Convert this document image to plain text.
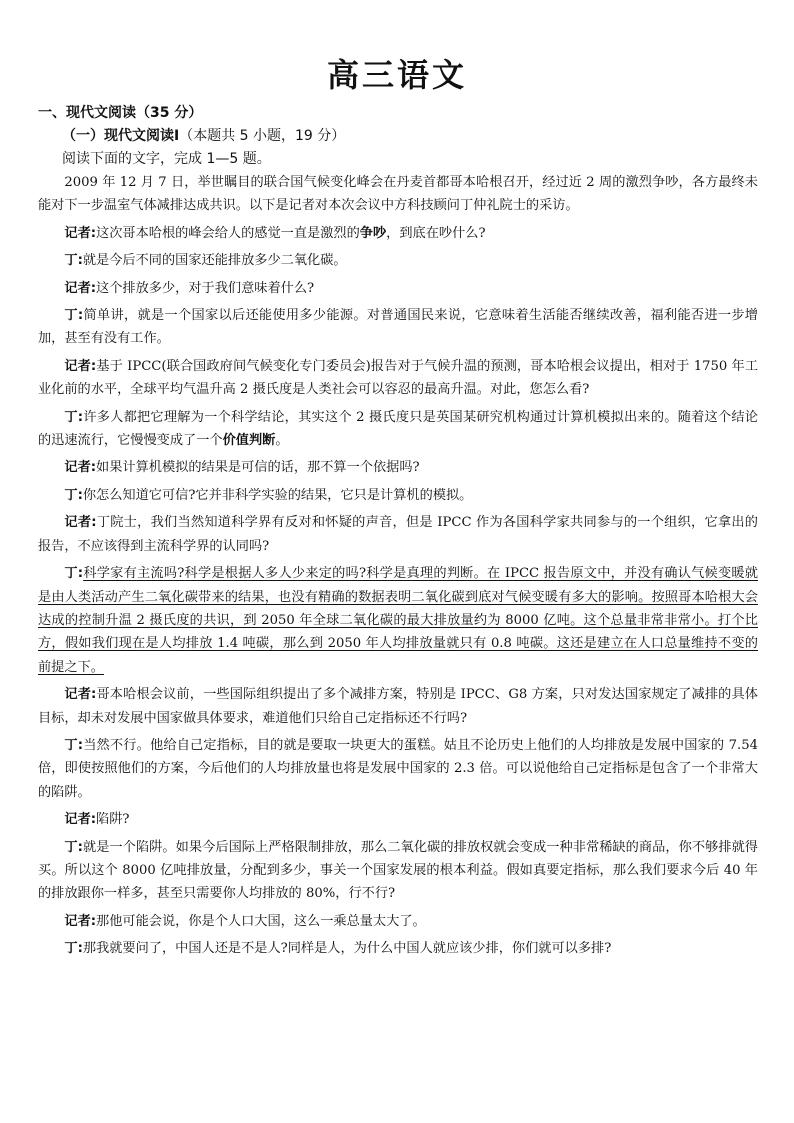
高三语文
一、现代文阅读（35 分）
（一）现代文阅读Ⅰ（本题共 5 小题，19 分）
阅读下面的文字，完成 1—5 题。

2009 年 12 月 7 日，举世瞩目的联合国气候变化峰会在丹麦首都哥本哈根召开，经过近 2 周的激烈争吵，各方最终未能对下一步温室气体减排达成共识。以下是记者对本次会议中方科技顾问丁仲礼院士的采访。

记者:这次哥本哈根的峰会给人的感觉一直是激烈的争吵，到底在吵什么?

丁:就是今后不同的国家还能排放多少二氧化碳。

记者:这个排放多少，对于我们意味着什么?

丁:简单讲，就是一个国家以后还能使用多少能源。对普通国民来说，它意味着生活能否继续改善，福利能否进一步增加，甚至有没有工作。

记者:基于 IPCC(联合国政府间气候变化专门委员会)报告对于气候升温的预测，哥本哈根会议提出，相对于 1750 年工业化前的水平，全球平均气温升高 2 摄氏度是人类社会可以容忍的最高升温。对此，您怎么看?

丁:许多人都把它理解为一个科学结论，其实这个 2 摄氏度只是英国某研究机构通过计算机模拟出来的。随着这个结论的迅速流行，它慢慢变成了一个价值判断。

记者:如果计算机模拟的结果是可信的话，那不算一个依据吗?

丁:你怎么知道它可信?它并非科学实验的结果，它只是计算机的模拟。

记者:丁院士，我们当然知道科学界有反对和怀疑的声音，但是 IPCC 作为各国科学家共同参与的一个组织，它拿出的报告，不应该得到主流科学界的认同吗?

丁:科学家有主流吗?科学是根据人多人少来定的吗?科学是真理的判断。在 IPCC 报告原文中，并没有确认气候变暖就是由人类活动产生二氧化碳带来的结果，也没有精确的数据表明二氧化碳到底对气候变暖有多大的影响。按照哥本哈根大会达成的控制升温 2 摄氏度的共识，到 2050 年全球二氧化碳的最大排放量约为 8000 亿吨。这个总量非常非常小。打个比方，假如我们现在是人均排放 1.4 吨碳，那么到 2050 年人均排放量就只有 0.8 吨碳。这还是建立在人口总量维持不变的前提之下。

记者:哥本哈根会议前，一些国际组织提出了多个减排方案，特别是 IPCC、G8 方案，只对发达国家规定了减排的具体目标，却未对发展中国家做具体要求，难道他们只给自己定指标还不行吗?

丁:当然不行。他给自己定指标，目的就是要取一块更大的蛋糕。姑且不论历史上他们的人均排放是发展中国家的 7.54 倍，即使按照他们的方案，今后他们的人均排放量也将是发展中国家的 2.3 倍。可以说他给自己定指标是包含了一个非常大的陷阱。

记者:陷阱?

丁:就是一个陷阱。如果今后国际上严格限制排放，那么二氧化碳的排放权就会变成一种非常稀缺的商品，你不够排就得买。所以这个 8000 亿吨排放量，分配到多少，事关一个国家发展的根本利益。假如真要定指标，那么我们要求今后 40 年的排放跟你一样多，甚至只需要你人均排放的 80%，行不行?

记者:那他可能会说，你是个人口大国，这么一乘总量太大了。

丁:那我就要问了，中国人还是不是人?同样是人，为什么中国人就应该少排，你们就可以多排?
